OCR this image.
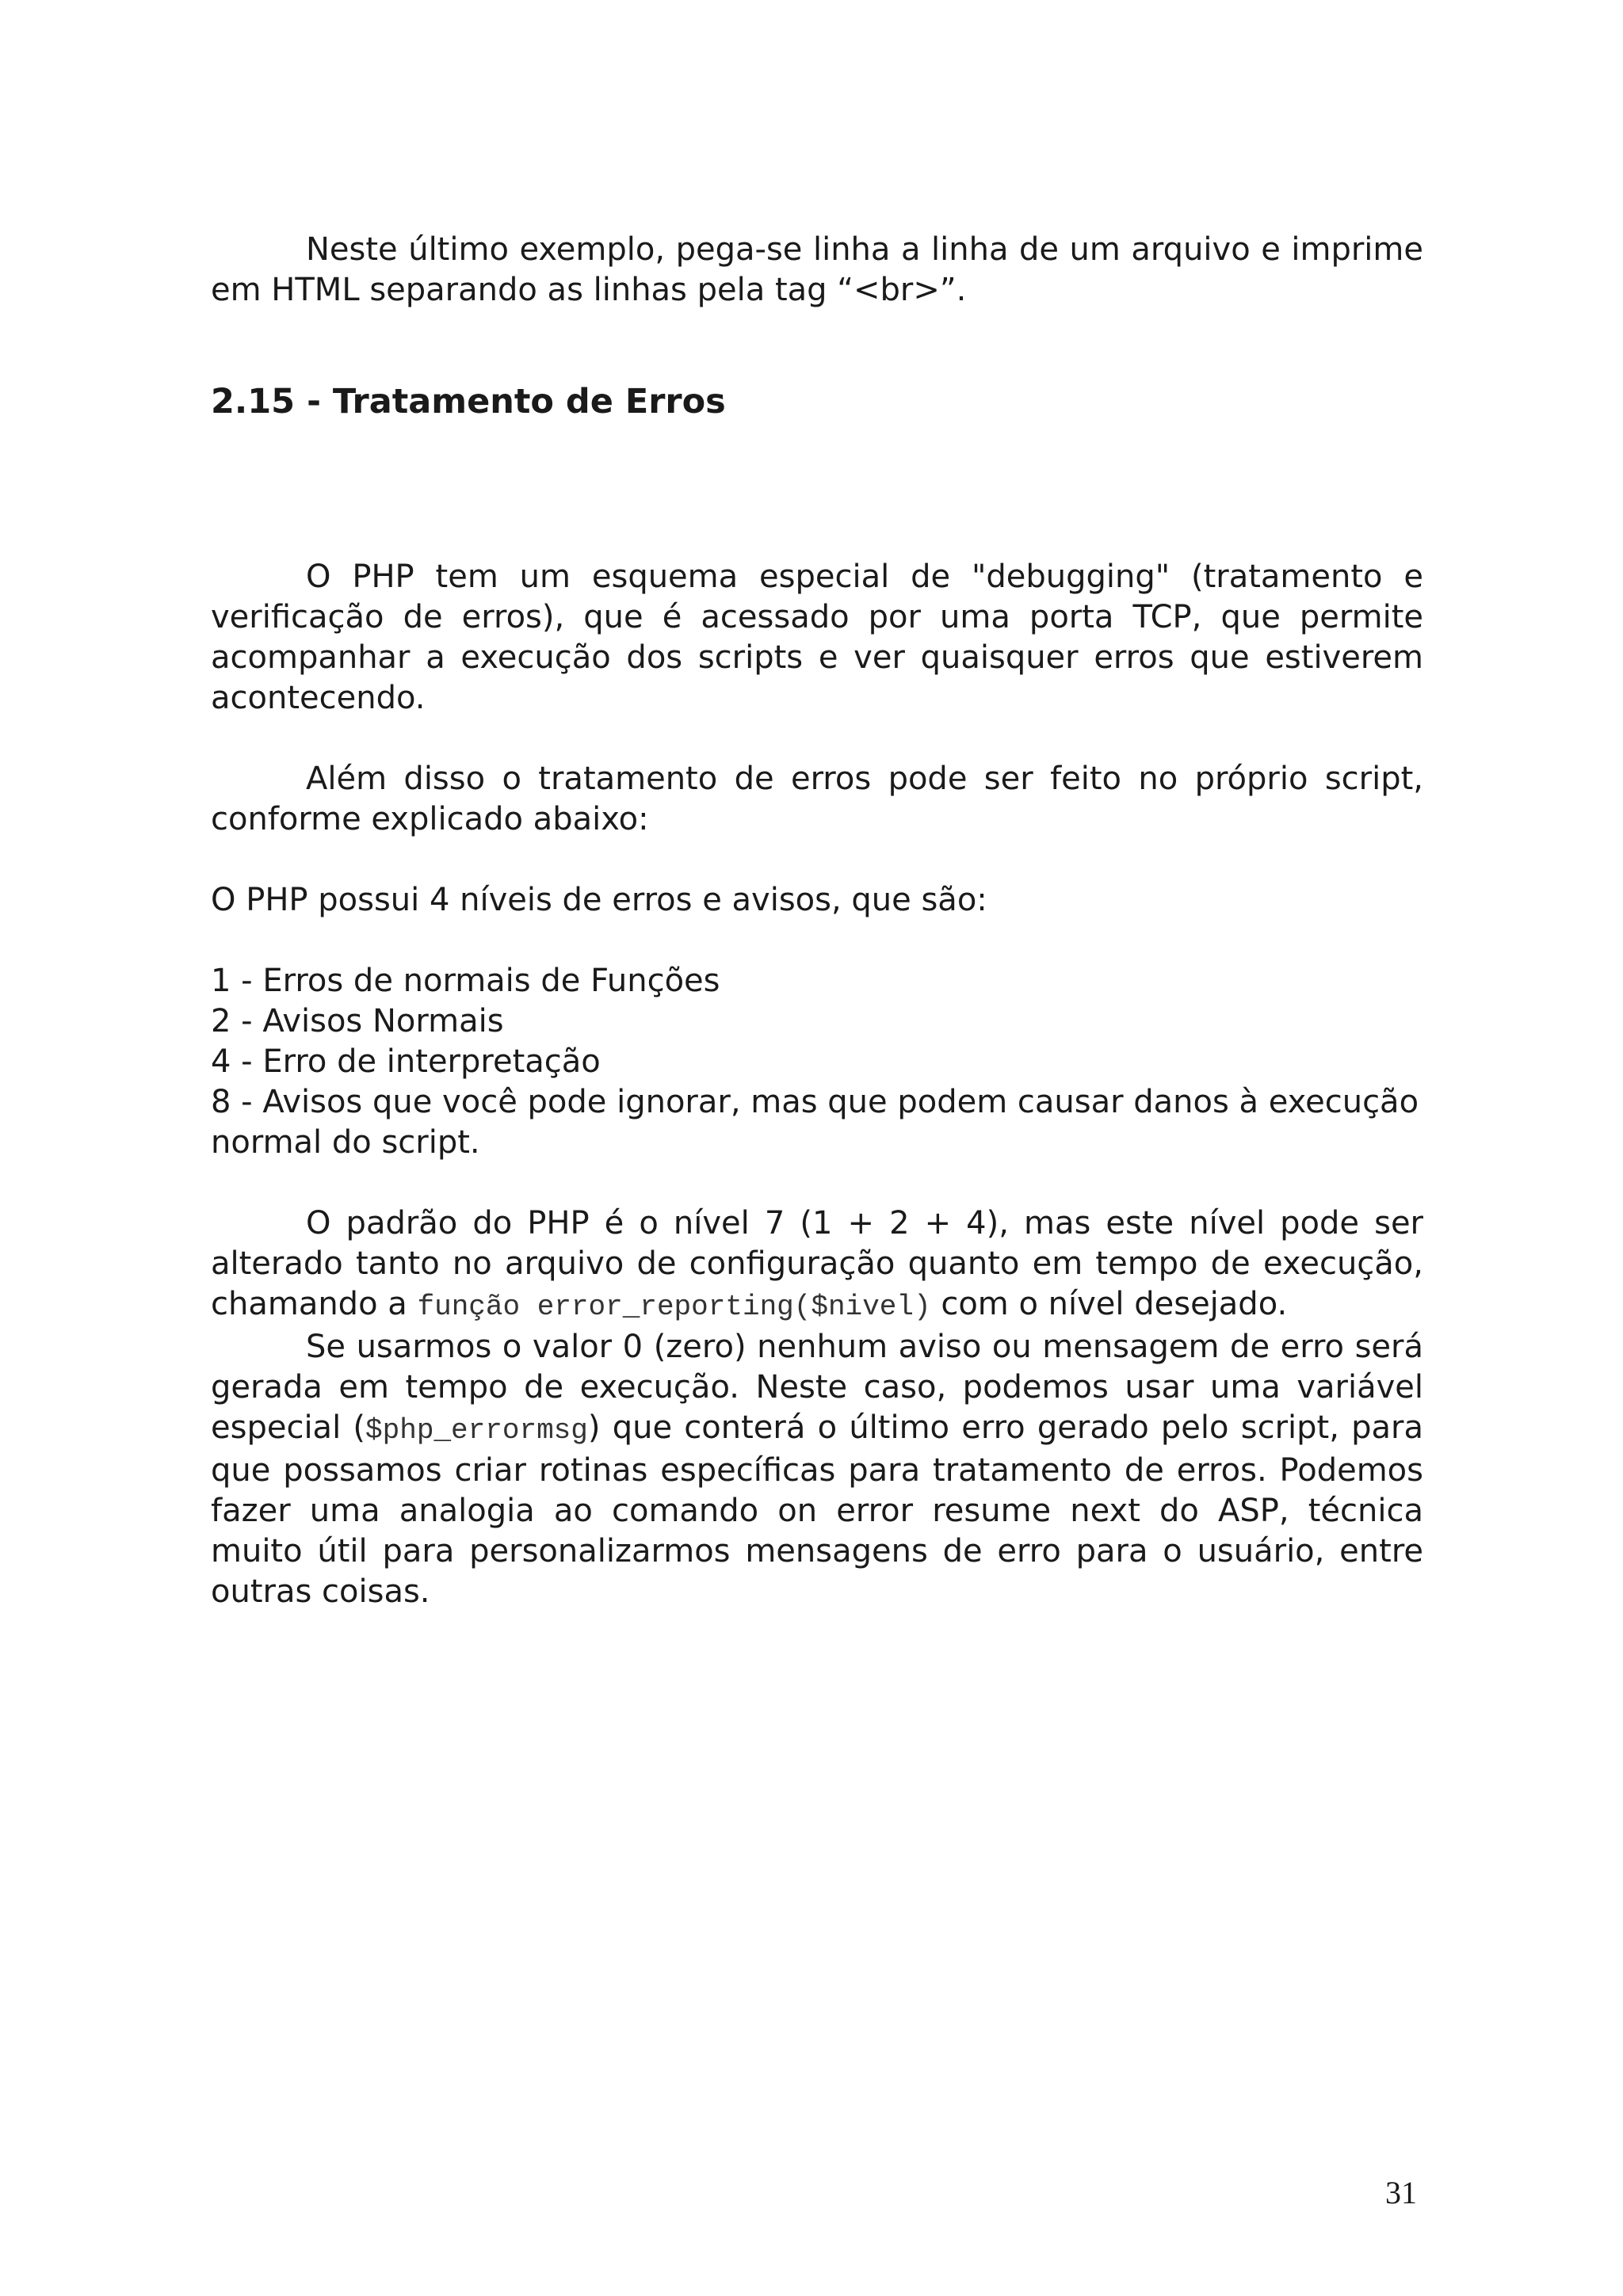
Neste último exemplo, pega-se linha a linha de um arquivo e imprime em HTML separando as linhas pela tag “<br>”.

2.15 - Tratamento de Erros

O PHP tem um esquema especial de "debugging" (tratamento e verificação de erros), que é acessado por uma porta TCP, que permite acompanhar a execução dos scripts e ver quaisquer erros que estiverem acontecendo.

Além disso o tratamento de erros pode ser feito no próprio script, conforme explicado abaixo:

O PHP possui 4 níveis de erros e avisos, que são:

1 - Erros de normais de Funções

2 - Avisos Normais

4 - Erro de interpretação

8 - Avisos que você pode ignorar, mas que podem causar danos à execução normal do script.

O padrão do PHP é o nível 7 (1 + 2 + 4), mas este nível pode ser alterado tanto no arquivo de configuração quanto em tempo de execução, chamando a função error_reporting($nivel) com o nível desejado.

Se usarmos o valor 0 (zero) nenhum aviso ou mensagem de erro será gerada em tempo de execução. Neste caso, podemos usar uma variável especial ($php_errormsg) que conterá o último erro gerado pelo script, para que possamos criar rotinas específicas para tratamento de erros. Podemos fazer uma analogia ao comando on error resume next do ASP, técnica muito útil para personalizarmos mensagens de erro para o usuário, entre outras coisas.

31
